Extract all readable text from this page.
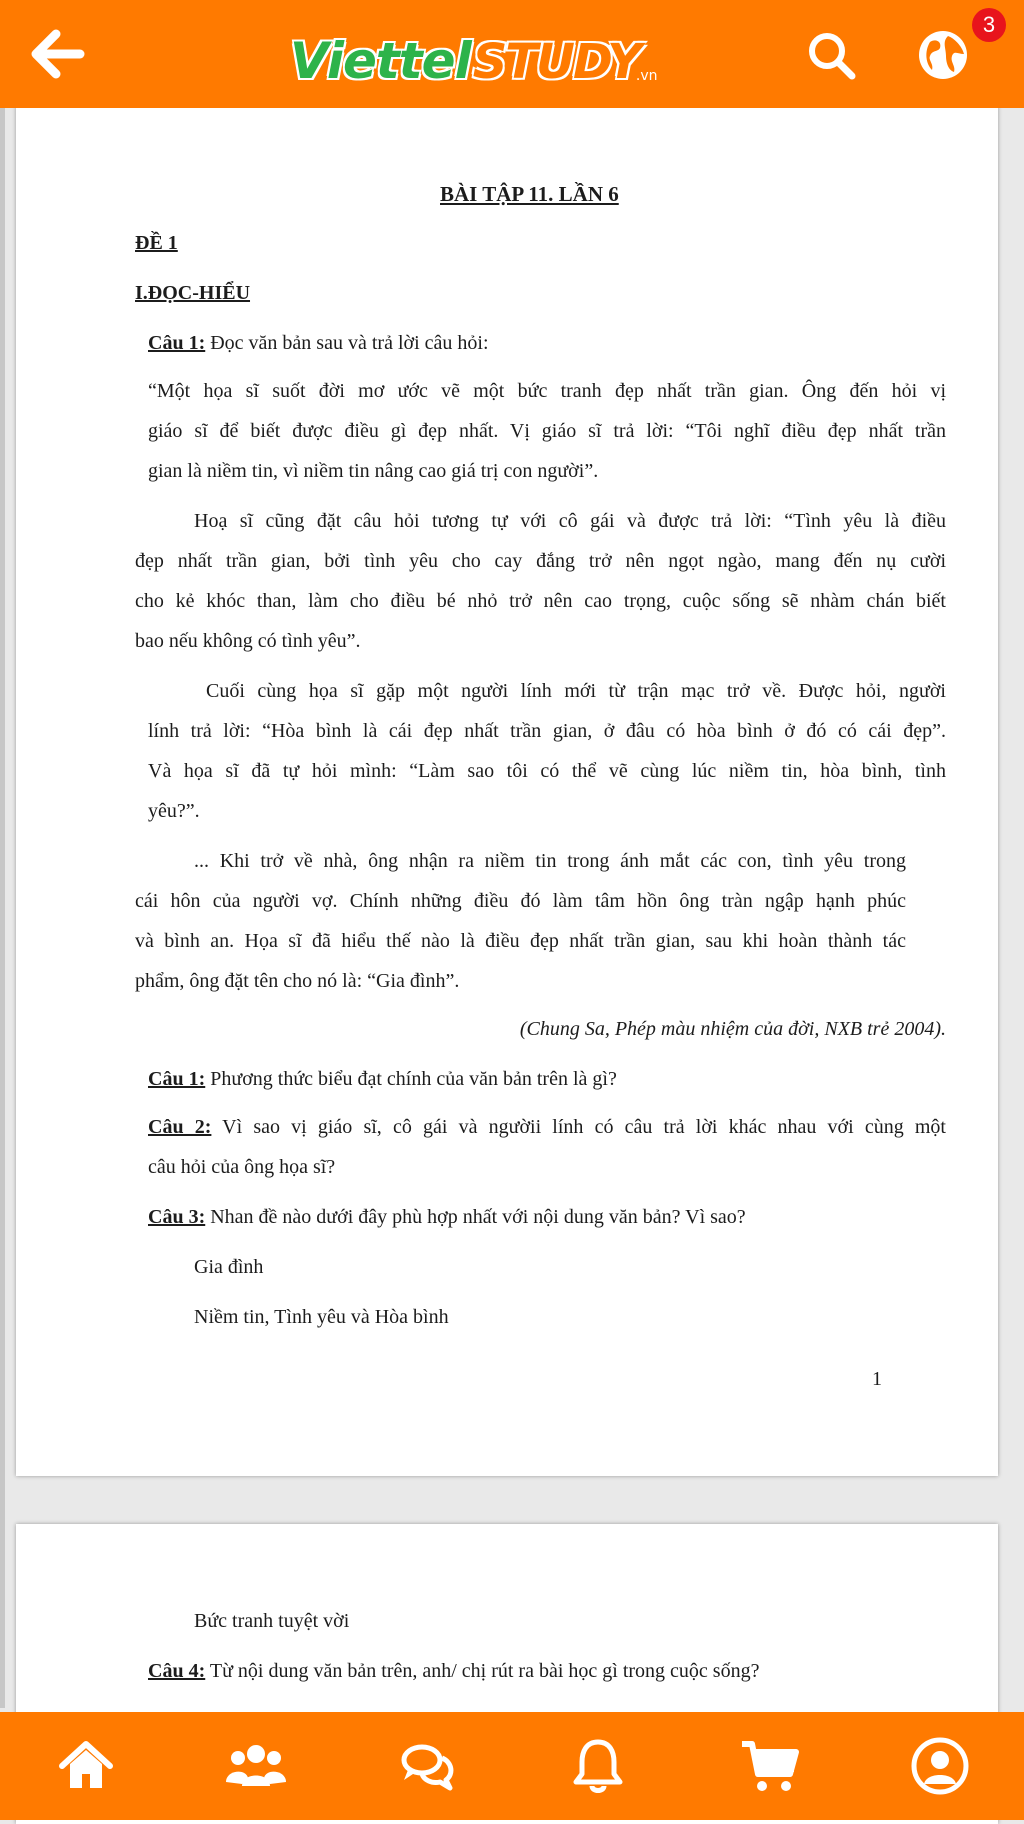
Viettel STUDY
.vn
3
BÀI TẬP 11. LẦN 6
ĐỀ 1
I.ĐỌC-HIỂU
Câu 1: Đọc văn bản sau và trả lời câu hỏi:
“Một họa sĩ suốt đời mơ ước vẽ một bức tranh đẹp nhất trần gian. Ông đến hỏi vị
giáo sĩ để biết được điều gì đẹp nhất. Vị giáo sĩ trả lời: “Tôi nghĩ điều đẹp nhất trần
gian là niềm tin, vì niềm tin nâng cao giá trị con người”.
Hoạ sĩ cũng đặt câu hỏi tương tự với cô gái và được trả lời: “Tình yêu là điều
đẹp nhất trần gian, bởi tình yêu cho cay đắng trở nên ngọt ngào, mang đến nụ cười
cho kẻ khóc than, làm cho điều bé nhỏ trở nên cao trọng, cuộc sống sẽ nhàm chán biết
bao nếu không có tình yêu”.
Cuối cùng họa sĩ gặp một người lính mới từ trận mạc trở về. Được hỏi, người
lính trả lời: “Hòa bình là cái đẹp nhất trần gian, ở đâu có hòa bình ở đó có cái đẹp”.
Và họa sĩ đã tự hỏi mình: “Làm sao tôi có thể vẽ cùng lúc niềm tin, hòa bình, tình
yêu?”.
... Khi trở về nhà, ông nhận ra niềm tin trong ánh mắt các con, tình yêu trong
cái hôn của người vợ. Chính những điều đó làm tâm hồn ông tràn ngập hạnh phúc
và bình an. Họa sĩ đã hiểu thế nào là điều đẹp nhất trần gian, sau khi hoàn thành tác
phẩm, ông đặt tên cho nó là: “Gia đình”.
(Chung Sa, Phép màu nhiệm của đời, NXB trẻ 2004).
Câu 1: Phương thức biểu đạt chính của văn bản trên là gì?
Câu 2: Vì sao vị giáo sĩ, cô gái và ngườii lính có câu trả lời khác nhau với cùng một
câu hỏi của ông họa sĩ?
Câu 3: Nhan đề nào dưới đây phù hợp nhất với nội dung văn bản? Vì sao?
Gia đình
Niềm tin, Tình yêu và Hòa bình
1
Bức tranh tuyệt vời
Câu 4: Từ nội dung văn bản trên, anh/ chị rút ra bài học gì trong cuộc sống?
